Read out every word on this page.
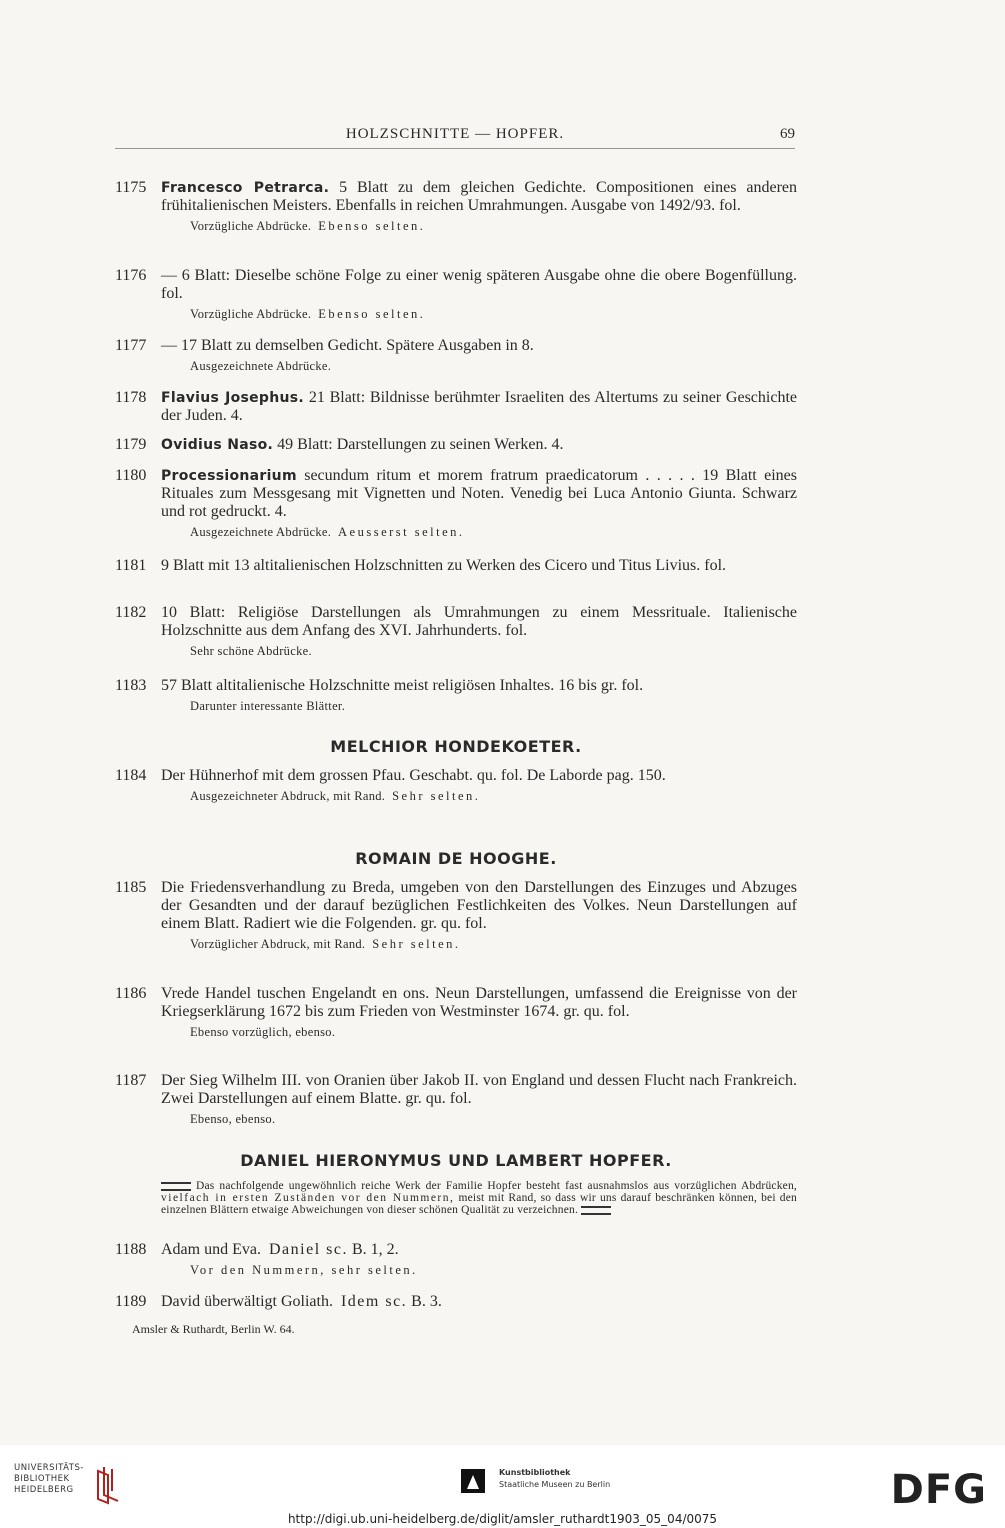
HOLZSCHNITTE — HOPFER.	69
1175	Francesco Petrarca. 5 Blatt zu dem gleichen Gedichte. Compositionen eines anderen frühitalienischen Meisters. Ebenfalls in reichen Umrahmungen. Ausgabe von 1492/93. fol.
Vorzügliche Abdrücke. Ebenso selten.
1176 — 6 Blatt: Dieselbe schöne Folge zu einer wenig späteren Ausgabe ohne die obere Bogenfüllung. fol.
Vorzügliche Abdrücke. Ebenso selten.
1177 — 17 Blatt zu demselben Gedicht. Spätere Ausgaben in 8.
Ausgezeichnete Abdrücke.
1178	Flavius Josephus. 21 Blatt: Bildnisse berühmter Israeliten des Altertums zu seiner Geschichte der Juden. 4.
1179	Ovidius Naso. 49 Blatt: Darstellungen zu seinen Werken. 4.
1180	Processionarium secundum ritum et morem fratrum praedicatorum . . . . . 19 Blatt eines Rituales zum Messgesang mit Vignetten und Noten. Venedig bei Luca Antonio Giunta. Schwarz und rot gedruckt. 4.
Ausgezeichnete Abdrücke. Aeusserst selten.
1181 9 Blatt mit 13 altitalienischen Holzschnitten zu Werken des Cicero und Titus Livius. fol.
1182 10 Blatt: Religiöse Darstellungen als Umrahmungen zu einem Messrituale. Italienische Holzschnitte aus dem Anfang des XVI. Jahrhunderts. fol.
Sehr schöne Abdrücke.
1183 57 Blatt altitalienische Holzschnitte meist religiösen Inhaltes. 16 bis gr. fol.
Darunter interessante Blätter.
MELCHIOR HONDEKOETER.
1184 Der Hühnerhof mit dem grossen Pfau. Geschabt. qu. fol. De Laborde pag. 150.
Ausgezeichneter Abdruck, mit Rand. Sehr selten.
ROMAIN DE HOOGHE.
1185 Die Friedensverhandlung zu Breda, umgeben von den Darstellungen des Einzuges und Abzuges der Gesandten und der darauf bezüglichen Festlichkeiten des Volkes. Neun Darstellungen auf einem Blatt. Radiert wie die Folgenden. gr. qu. fol.
Vorzüglicher Abdruck, mit Rand. Sehr selten.
1186 Vrede Handel tuschen Engelandt en ons. Neun Darstellungen, umfassend die Ereignisse von der Kriegserklärung 1672 bis zum Frieden von Westminster 1674. gr. qu. fol.
Ebenso vorzüglich, ebenso.
1187 Der Sieg Wilhelm III. von Oranien über Jakob II. von England und dessen Flucht nach Frankreich. Zwei Darstellungen auf einem Blatte. gr. qu. fol.
Ebenso, ebenso.
DANIEL HIERONYMUS UND LAMBERT HOPFER.
Das nachfolgende ungewöhnlich reiche Werk der Familie Hopfer besteht fast ausnahmslos aus vorzüglichen Abdrücken, vielfach in ersten Zuständen vor den Nummern, meist mit Rand, so dass wir uns darauf beschränken können, bei den einzelnen Blättern etwaige Abweichungen von dieser schönen Qualität zu verzeichnen.
1188 Adam und Eva. Daniel sc. B. 1, 2.
Vor den Nummern, sehr selten.
1189 David überwältigt Goliath. Idem sc. B. 3.
Amsler & Ruthardt, Berlin W. 64.
UNIVERSITÄTS-
BIBLIOTHEK
HEIDELBERG
Kunstbibliothek
Staatliche Museen zu Berlin	DFG
http://digi.ub.uni-heidelberg.de/diglit/amsler_ruthardt1903_05_04/0075
